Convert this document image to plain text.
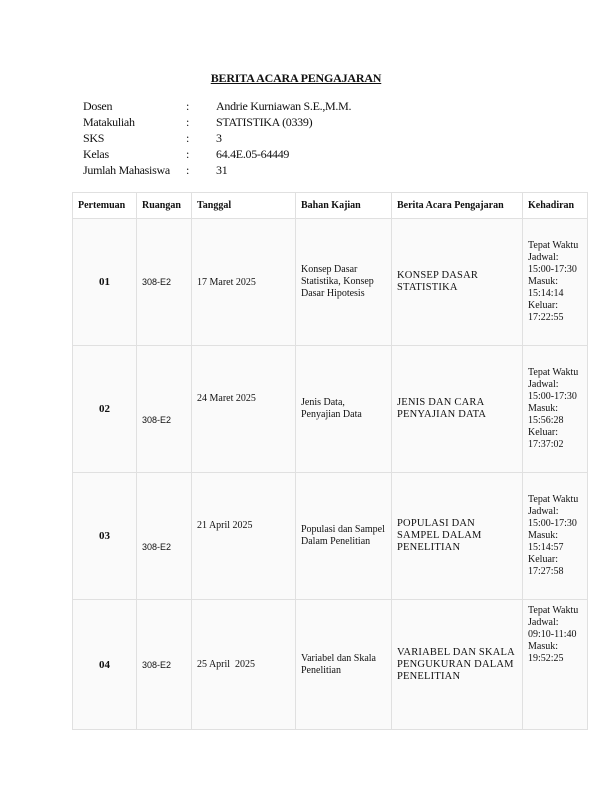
BERITA ACARA PENGAJARAN
Dosen	:	Andrie Kurniawan S.E.,M.M.
Matakuliah	:	STATISTIKA (0339)
SKS	:	3
Kelas	:	64.4E.05-64449
Jumlah Mahasiswa	:	31
Pertemuan	Ruangan	Tanggal	Bahan Kajian	Berita Acara Pengajaran	Kehadiran
01	308-E2	17 Maret 2025	Konsep Dasar Statistika, Konsep Dasar Hipotesis	KONSEP DASAR STATISTIKA	Tepat Waktu
Jadwal: 15:00-17:30
Masuk: 15:14:14
Keluar: 17:22:55

02	308-E2	24 Maret 2025	Jenis Data, Penyajian Data	JENIS DAN CARA PENYAJIAN DATA	Tepat Waktu
Jadwal: 15:00-17:30
Masuk: 15:56:28
Keluar: 17:37:02

03	308-E2	21 April 2025	Populasi dan Sampel Dalam Penelitian	POPULASI DAN SAMPEL DALAM PENELITIAN	Tepat Waktu
Jadwal: 15:00-17:30
Masuk: 15:14:57
Keluar: 17:27:58

04	308-E2	25 April  2025	Variabel dan Skala Penelitian	VARIABEL DAN SKALA PENGUKURAN DALAM PENELITIAN	Tepat Waktu
Jadwal: 09:10-11:40
Masuk: 19:52:25
